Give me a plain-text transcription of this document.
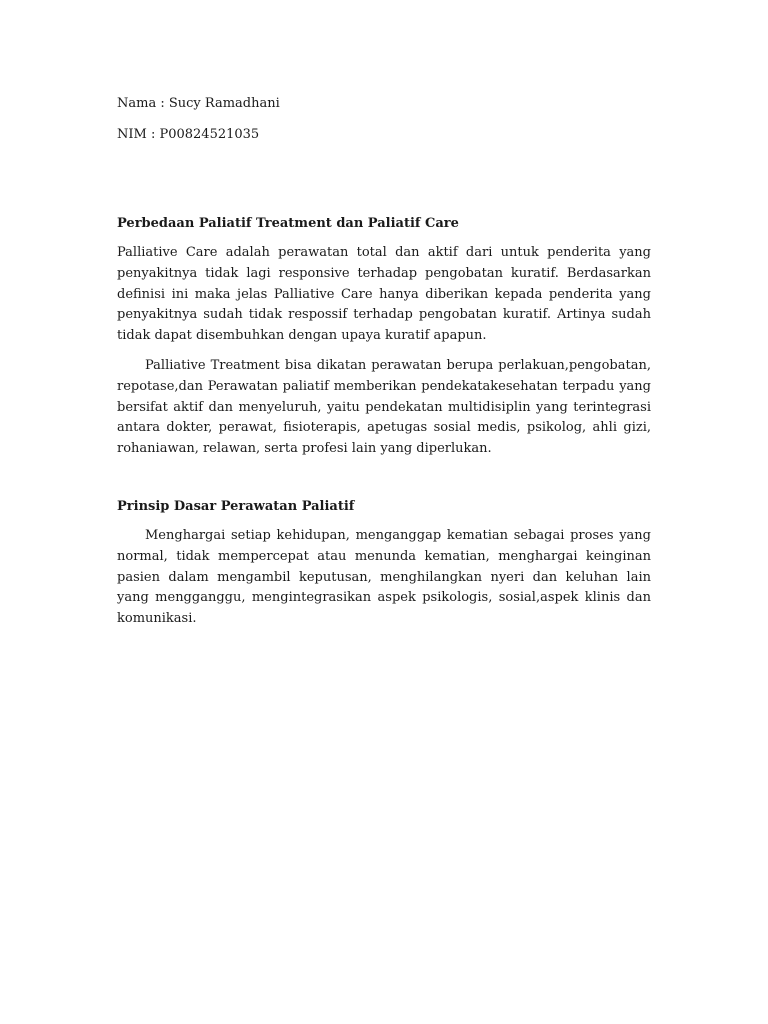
Nama : Sucy Ramadhani
NIM : P00824521035
Perbedaan Paliatif Treatment dan Paliatif Care

Palliative Care adalah perawatan total dan aktif dari untuk penderita yang penyakitnya tidak lagi responsive terhadap pengobatan kuratif. Berdasarkan definisi ini maka jelas Palliative Care hanya diberikan kepada penderita yang penyakitnya sudah tidak respossif terhadap pengobatan kuratif. Artinya sudah tidak dapat disembuhkan dengan upaya kuratif apapun.

Palliative Treatment bisa dikatan perawatan berupa perlakuan,pengobatan, repotase,dan Perawatan paliatif memberikan pendekatakesehatan terpadu yang bersifat aktif dan menyeluruh, yaitu pendekatan multidisiplin yang terintegrasi antara dokter, perawat, fisioterapis, apetugas sosial medis, psikolog, ahli gizi, rohaniawan, relawan, serta profesi lain yang diperlukan.

Prinsip Dasar Perawatan Paliatif

Menghargai setiap kehidupan, menganggap kematian sebagai proses yang normal, tidak mempercepat atau menunda kematian, menghargai keinginan pasien dalam mengambil keputusan, menghilangkan nyeri dan keluhan lain yang mengganggu, mengintegrasikan aspek psikologis, sosial,aspek klinis dan komunikasi.
